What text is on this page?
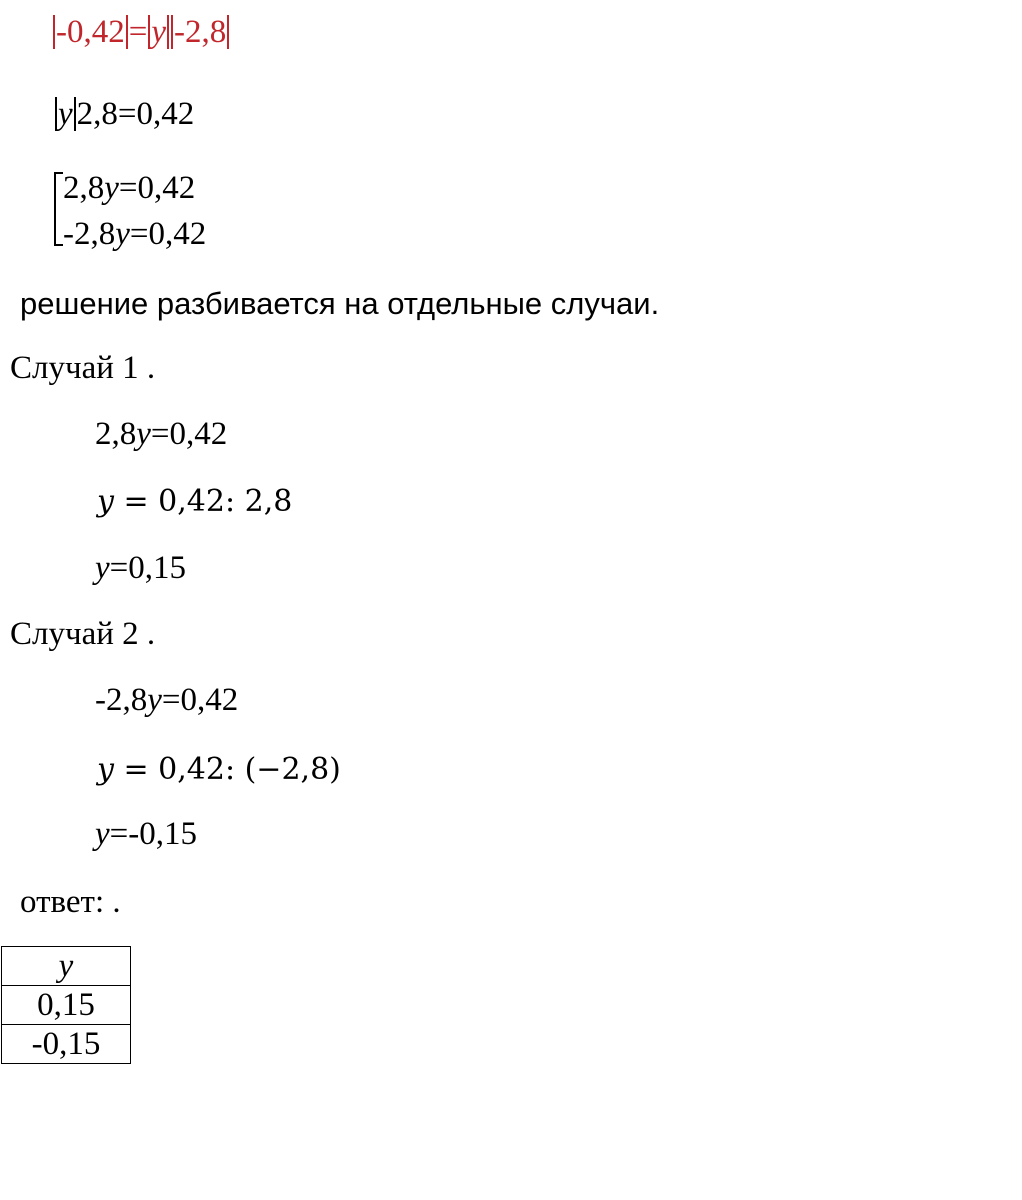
-0,42 = y -2,8
y 2,8=0,42
2,8y=0,42
-2,8y=0,42
решение разбивается на отдельные случаи.
Случай 1 .
2,8y=0,42
y = 0,42: 2,8
y=0,15
Случай 2 .
-2,8y=0,42
y = 0,42: (−2,8)
y=-0,15
ответ: .
y
0,15
-0,15
